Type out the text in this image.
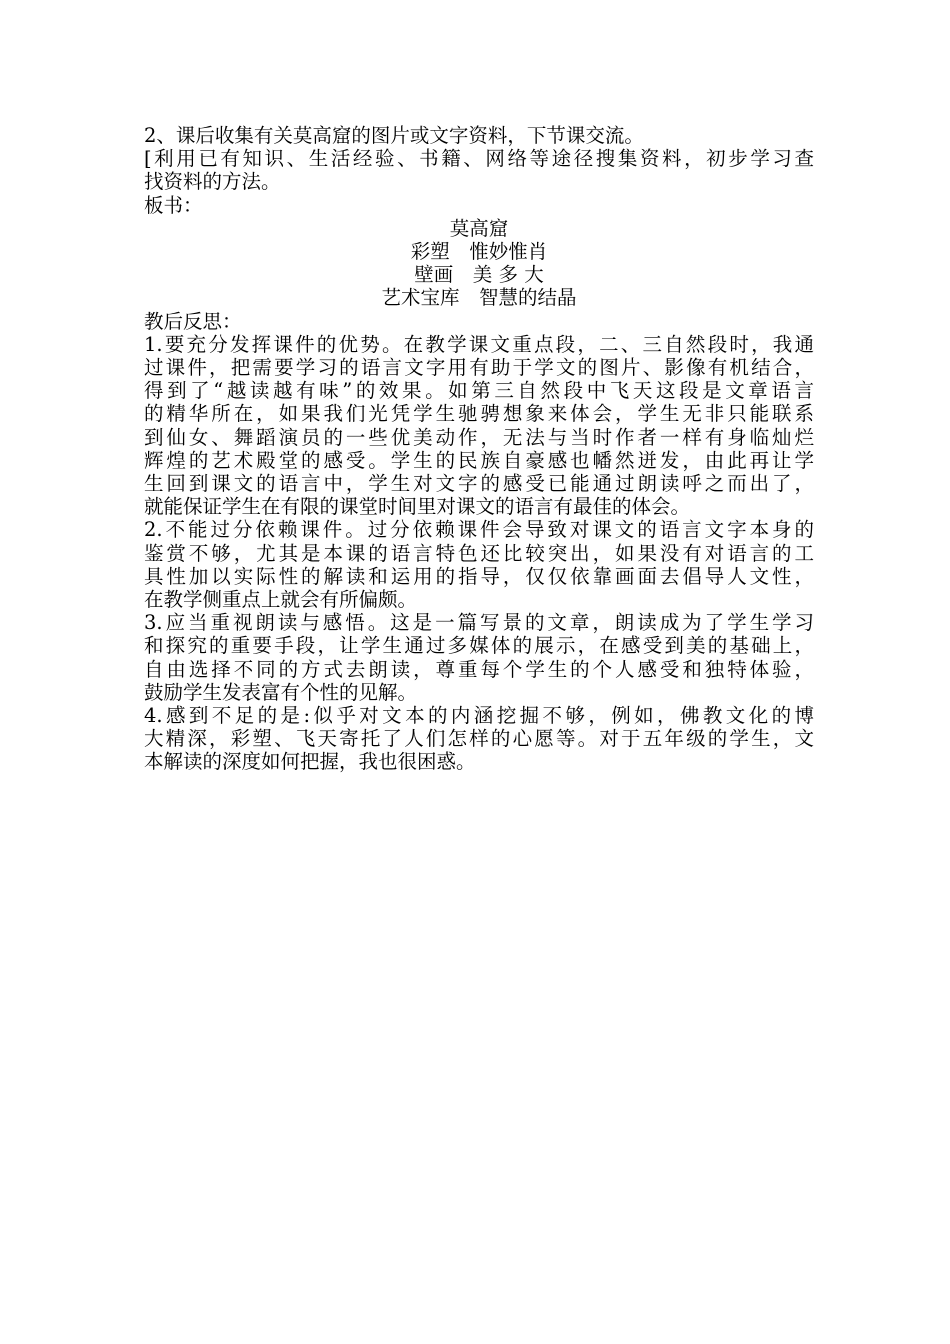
2、课后收集有关莫高窟的图片或文字资料，下节课交流。
[利用已有知识、生活经验、书籍、网络等途径搜集资料，初步学习查
找资料的方法。
板书：
莫高窟
彩塑　惟妙惟肖
壁画　美 多 大
艺术宝库　智慧的结晶
教后反思：
1.要充分发挥课件的优势。在教学课文重点段，二、三自然段时，我通
过课件，把需要学习的语言文字用有助于学文的图片、影像有机结合，
得到了“越读越有味”的效果。如第三自然段中飞天这段是文章语言
的精华所在，如果我们光凭学生驰骋想象来体会，学生无非只能联系
到仙女、舞蹈演员的一些优美动作，无法与当时作者一样有身临灿烂
辉煌的艺术殿堂的感受。学生的民族自豪感也幡然迸发，由此再让学
生回到课文的语言中，学生对文字的感受已能通过朗读呼之而出了，
就能保证学生在有限的课堂时间里对课文的语言有最佳的体会。
2.不能过分依赖课件。过分依赖课件会导致对课文的语言文字本身的
鉴赏不够，尤其是本课的语言特色还比较突出，如果没有对语言的工
具性加以实际性的解读和运用的指导，仅仅依靠画面去倡导人文性，
在教学侧重点上就会有所偏颇。
3.应当重视朗读与感悟。这是一篇写景的文章，朗读成为了学生学习
和探究的重要手段，让学生通过多媒体的展示，在感受到美的基础上，
自由选择不同的方式去朗读，尊重每个学生的个人感受和独特体验，
鼓励学生发表富有个性的见解。
4.感到不足的是:似乎对文本的内涵挖掘不够，例如，佛教文化的博
大精深，彩塑、飞天寄托了人们怎样的心愿等。对于五年级的学生，文
本解读的深度如何把握，我也很困惑。
